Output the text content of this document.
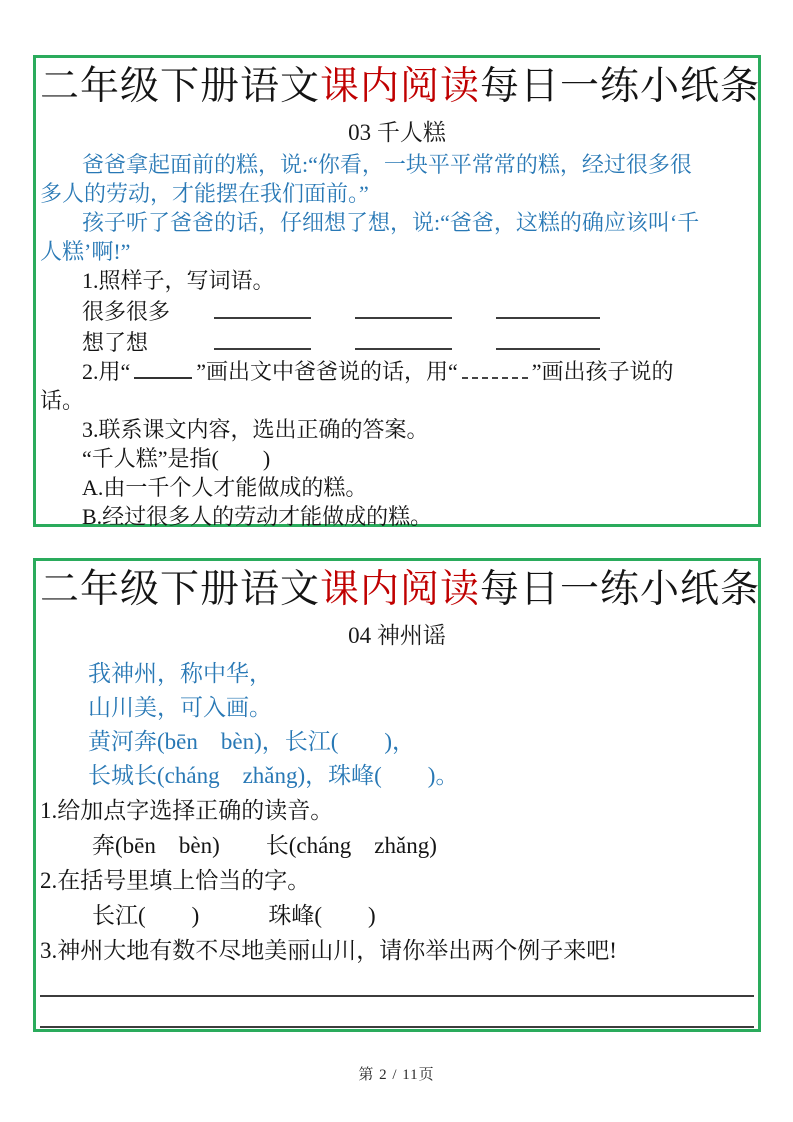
二年级下册语文课内阅读每日一练小纸条
03 千人糕

爸爸拿起面前的糕，说:“你看，一块平平常常的糕，经过很多很

多人的劳动，才能摆在我们面前。”

孩子听了爸爸的话，仔细想了想，说:“爸爸，这糕的确应该叫‘千

人糕’啊!”

1.照样子，写词语。

很多很多
想了想

2.用“	”画出文中爸爸说的话，用“	”画出孩子说的

话。

3.联系课文内容，选出正确的答案。

“千人糕”是指(　　)

A.由一千个人才能做成的糕。

B.经过很多人的劳动才能做成的糕。

二年级下册语文课内阅读每日一练小纸条
04 神州谣

我神州，称中华，

山川美，可入画。

黄河奔(bēn　bèn)，长江(　　)，

长城长(cháng　zhǎng)，珠峰(　　)。

1.给加点字选择正确的读音。

奔(bēn　bèn)　　长(cháng　zhǎng)

2.在括号里填上恰当的字。

长江(　　)　　　珠峰(　　)

3.神州大地有数不尽地美丽山川，请你举出两个例子来吧!

第 2 / 11页
